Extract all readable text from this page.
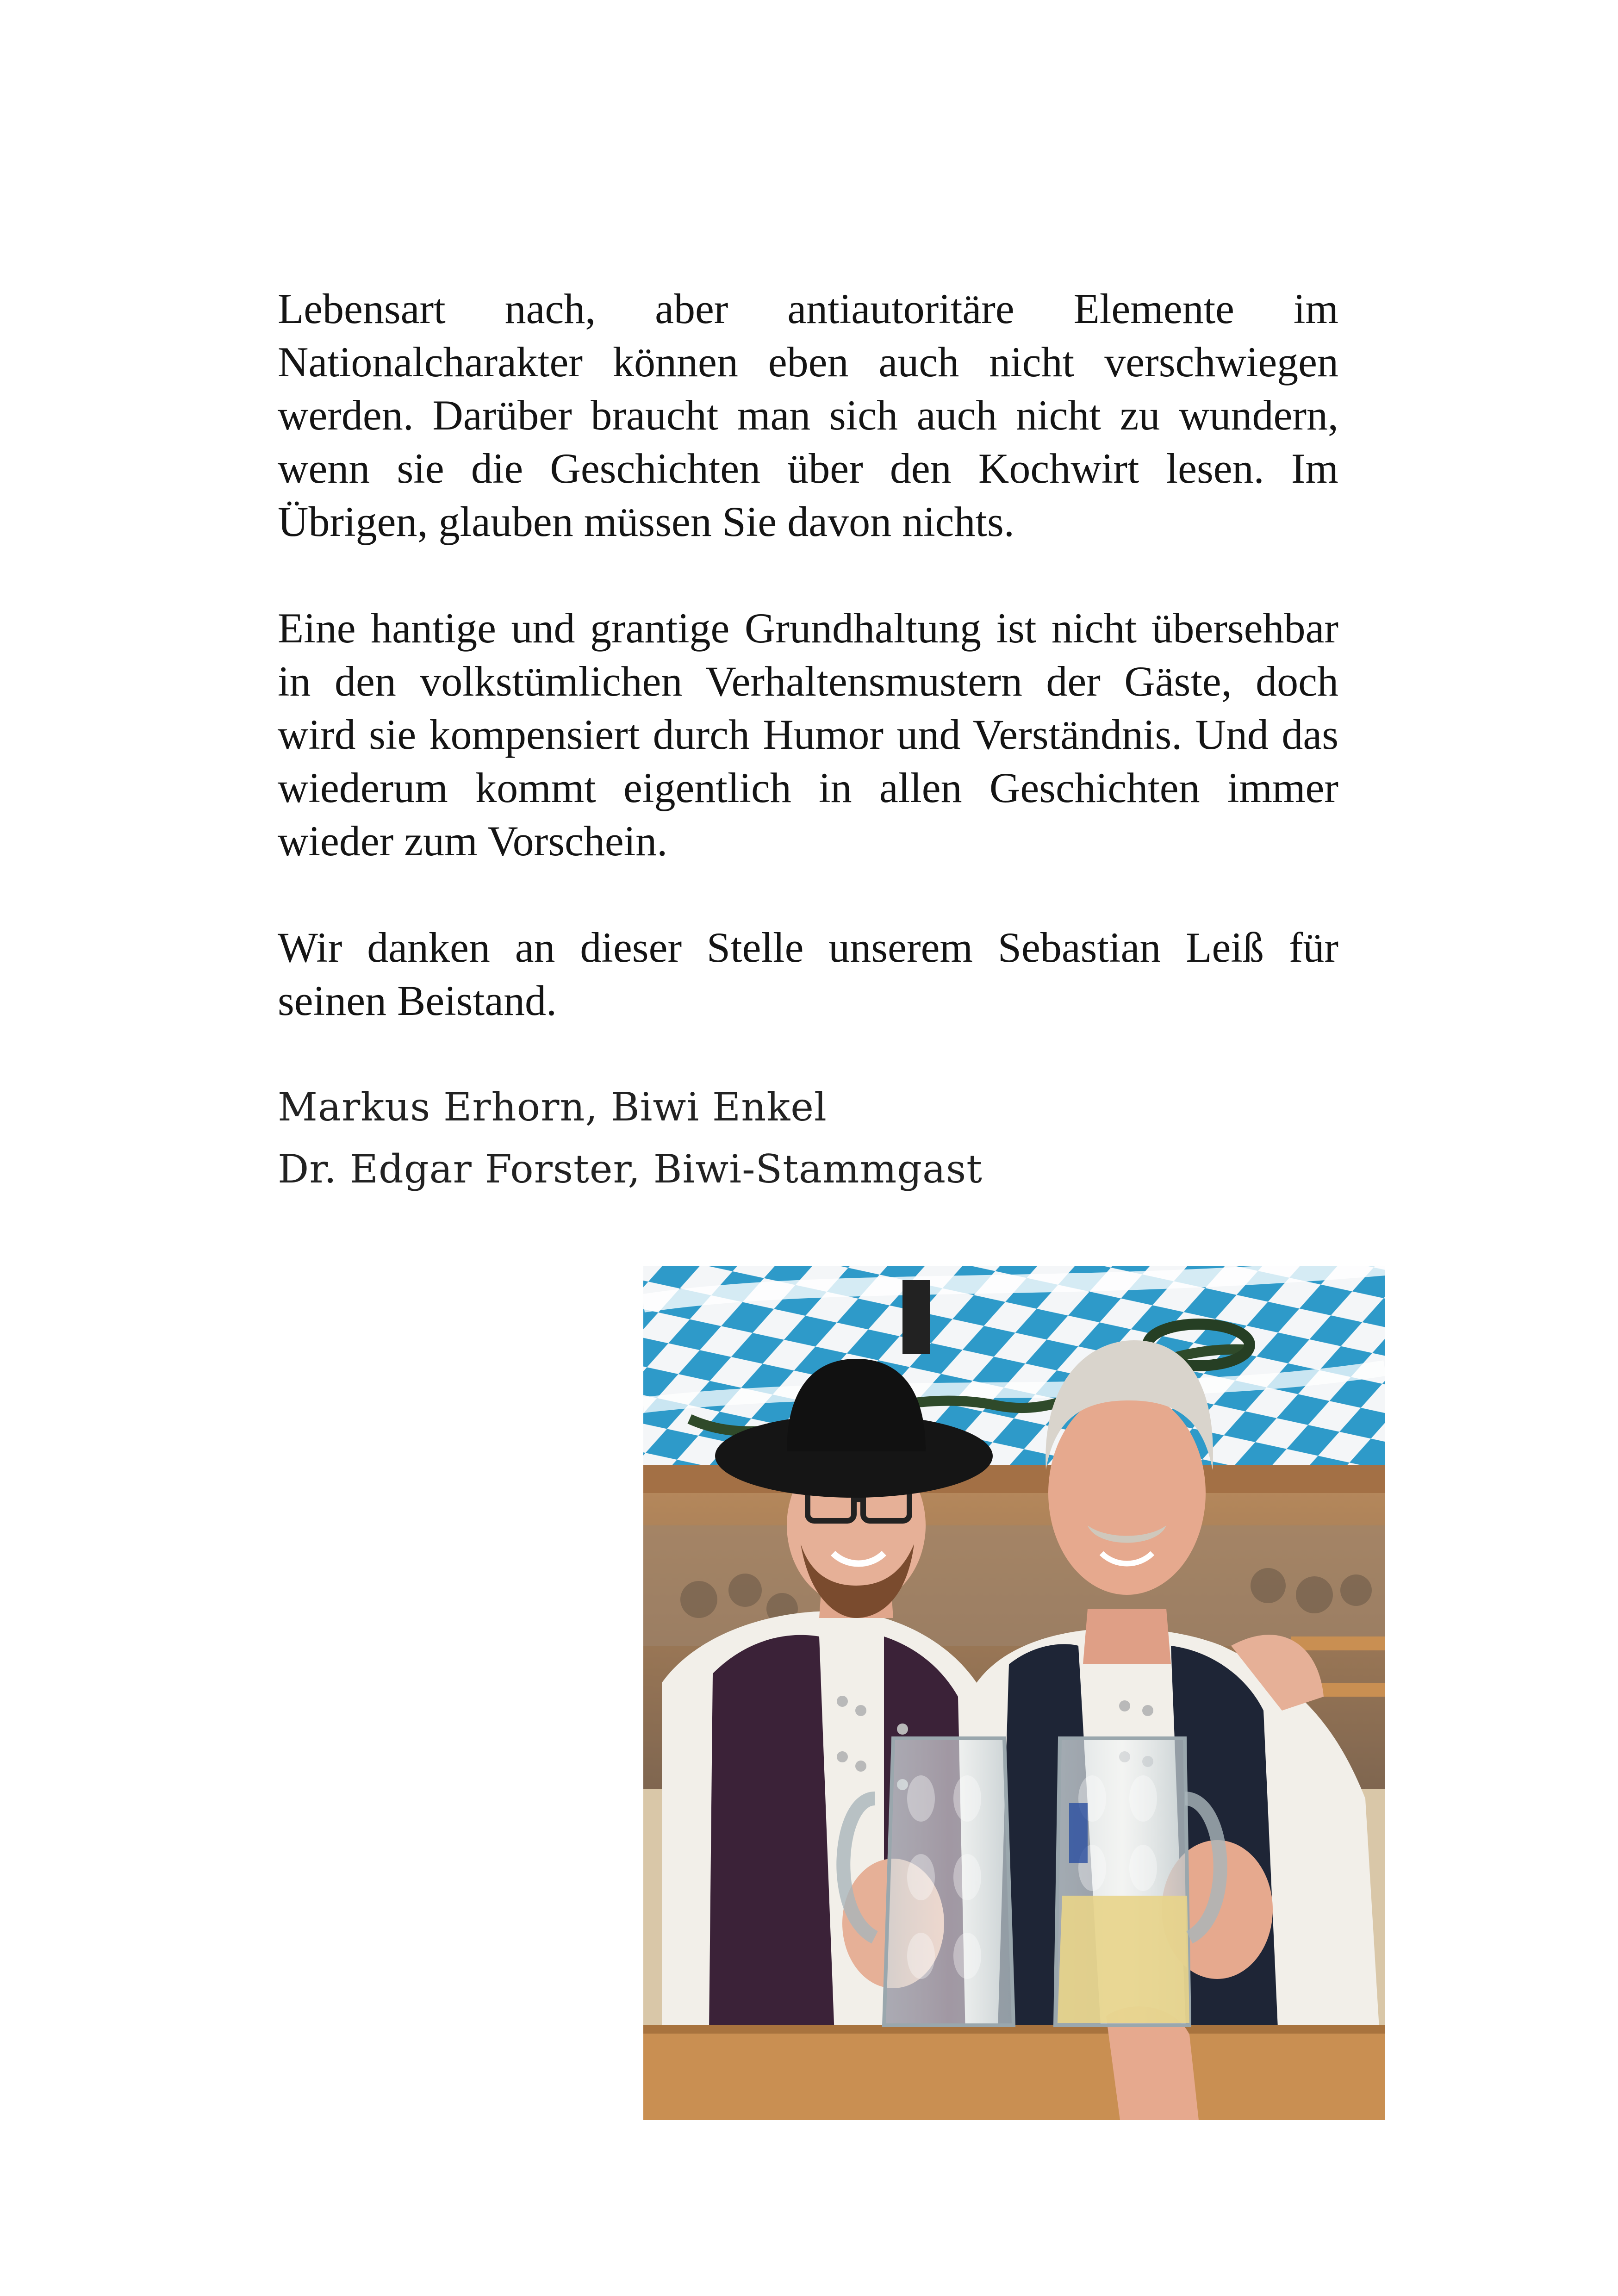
Lebensart nach, aber antiautoritäre Elemente im Nationalcharakter können eben auch nicht verschwiegen werden. Darüber braucht man sich auch nicht zu wundern, wenn sie die Geschichten über den Kochwirt lesen. Im Übrigen, glauben müssen Sie davon nichts.

Eine hantige und grantige Grundhaltung ist nicht übersehbar in den volkstümlichen Verhaltensmustern der Gäste, doch wird sie kompensiert durch Humor und Verständnis. Und das wiederum kommt eigentlich in allen Geschichten immer wieder zum Vorschein.

Wir danken an dieser Stelle unserem Sebastian Leiß für seinen Beistand.

Markus Erhorn, Biwi Enkel
Dr. Edgar Forster, Biwi-Stammgast
